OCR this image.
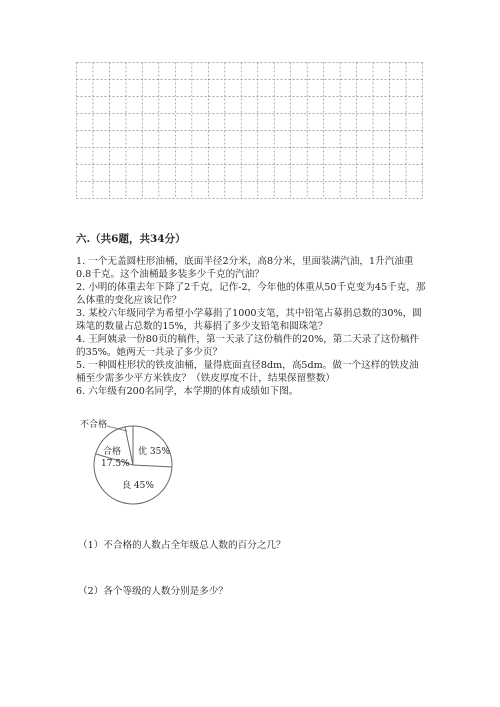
六.（共6题，共34分）

1. 一个无盖圆柱形油桶，底面半径2分米，高8分米，里面装满汽油，1升汽油重0.8千克。这个油桶最多装多少千克的汽油？

2. 小明的体重去年下降了2千克，记作-2，今年他的体重从50千克变为45千克，那么体重的变化应该记作？

3. 某校六年级同学为希望小学募捐了1000支笔，其中铅笔占募捐总数的30%，圆珠笔的数量占总数的15%，共募捐了多少支铅笔和圆珠笔？

4. 王阿姨录一份80页的稿件，第一天录了这份稿件的20%，第二天录了这份稿件的35%。她两天一共录了多少页？

5. 一种圆柱形状的铁皮油桶，量得底面直径8dm，高5dm。做一个这样的铁皮油桶至少需多少平方米铁皮？（铁皮厚度不计，结果保留整数）

6. 六年级有200名同学，本学期的体育成绩如下图。

不合格
合格
17.5%
优 35%
良 45%
（1）不合格的人数占全年级总人数的百分之几？
（2）各个等级的人数分别是多少？
